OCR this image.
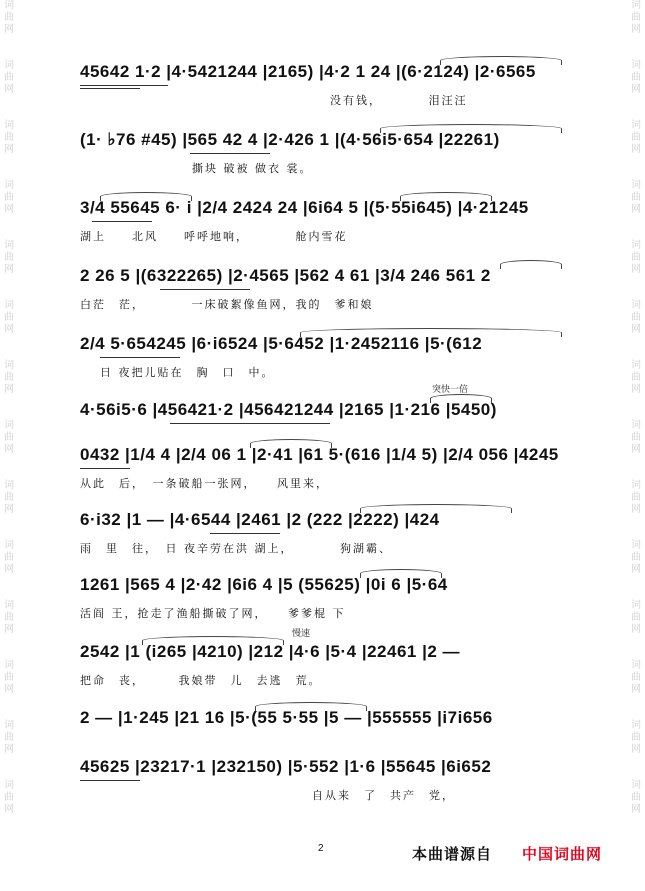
词
曲
网
词
曲
网
词
曲
网
词
曲
网
词
曲
网
词
曲
网
词
曲
网
词
曲
网
词
曲
网
词
曲
网
词
曲
网
词
曲
网
词
曲
网
词
曲
网
词
曲
网
词
曲
网
词
曲
网
词
曲
网
词
曲
网
词
曲
网
词
曲
网
词
曲
网
词
曲
网
词
曲
网
词
曲
网
词
曲
网
词
曲
网
词
曲
网
45642 1·2 |4·5421244 |2165) |4·2 1 24 |(6·2124) |2·6565
没有钱，　　　　泪汪汪
(1· ♭76 #45) |565 42 4 |2·426 1 |(4·56i5·654 |22261)
撕块 破被 做衣 裳。
3/4 55645 6· i |2/4 2424 24 |6i64 5 |(5·55i645) |4·21245
湖上　　北风　　呼呼地响，　　　　舱内雪花
2 26 5 |(6322265) |2·4565 |562 4 61 |3/4 246 561 2
白茫　茫，　　　　一床破絮像鱼网，我的　爹和娘
2/4 5·654245 |6·i6524 |5·6452 |1·2452116 |5·(612
日 夜把儿贴在　胸　口　中。
4·56i5·6 |456421·2 |456421244 |2165 |1·216 |5450)
突快一倍
0432 |1/4 4 |2/4 06 1 |2·41 |61 5·(616 |1/4 5) |2/4 056 |4245
从此　后，　一条破船一张网，　　风里来，
6·i32 |1 — |4·6544 |2461 |2 (222 |2222) |424
雨　里　往，　日 夜辛劳在洪 湖上，　　　　狗湖霸、
1261 |565 4 |2·42 |6i6 4 |5 (55625) |0i 6 |5·64
活阎 王，抢走了渔船撕破了网，　　爹爹棍 下
2542 |1 (i265 |4210) |212 |4·6 |5·4 |22461 |2 —
慢速
把命　丧，　　　我娘带　儿　去逃　荒。
2 — |1·245 |21 16 |5·(55 5·55 |5 — |555555 |i7i656
45625 |23217·1 |232150) |5·552 |1·6 |55645 |6i652
自从来　了　共产　党，
2	本曲谱源自 中国词曲网
